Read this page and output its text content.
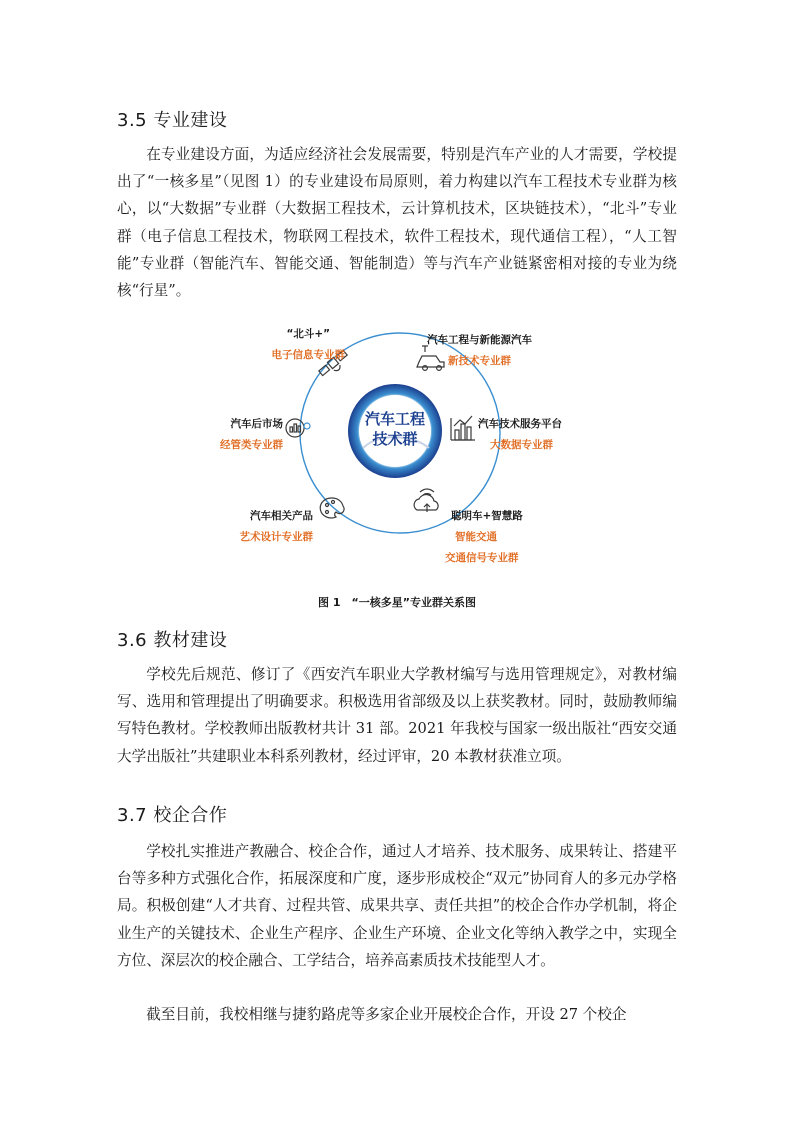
3.5 专业建设

在专业建设方面，为适应经济社会发展需要，特别是汽车产业的人才需要，学校提出了“一核多星”（见图 1）的专业建设布局原则，着力构建以汽车工程技术专业群为核心，以“大数据”专业群（大数据工程技术，云计算机技术，区块链技术），“北斗”专业群（电子信息工程技术，物联网工程技术，软件工程技术，现代通信工程），“人工智能”专业群（智能汽车、智能交通、智能制造）等与汽车产业链紧密相对接的专业为绕核“行星”。

汽车工程
技术群
“北斗+”
电子信息专业群
汽车工程与新能源汽车
新技术专业群
汽车技术服务平台
大数据专业群
聪明车+智慧路
智能交通
交通信号专业群
汽车相关产品
艺术设计专业群
汽车后市场
经管类专业群
图 1　“一核多星”专业群关系图
3.6 教材建设

学校先后规范、修订了《西安汽车职业大学教材编写与选用管理规定》，对教材编写、选用和管理提出了明确要求。积极选用省部级及以上获奖教材。同时，鼓励教师编写特色教材。学校教师出版教材共计 31 部。2021 年我校与国家一级出版社“西安交通大学出版社”共建职业本科系列教材，经过评审，20 本教材获准立项。

3.7 校企合作

学校扎实推进产教融合、校企合作，通过人才培养、技术服务、成果转让、搭建平台等多种方式强化合作，拓展深度和广度，逐步形成校企“双元”协同育人的多元办学格局。积极创建“人才共育、过程共管、成果共享、责任共担”的校企合作办学机制，将企业生产的关键技术、企业生产程序、企业生产环境、企业文化等纳入教学之中，实现全方位、深层次的校企融合、工学结合，培养高素质技术技能型人才。

截至目前，我校相继与捷豹路虎等多家企业开展校企合作，开设 27 个校企
